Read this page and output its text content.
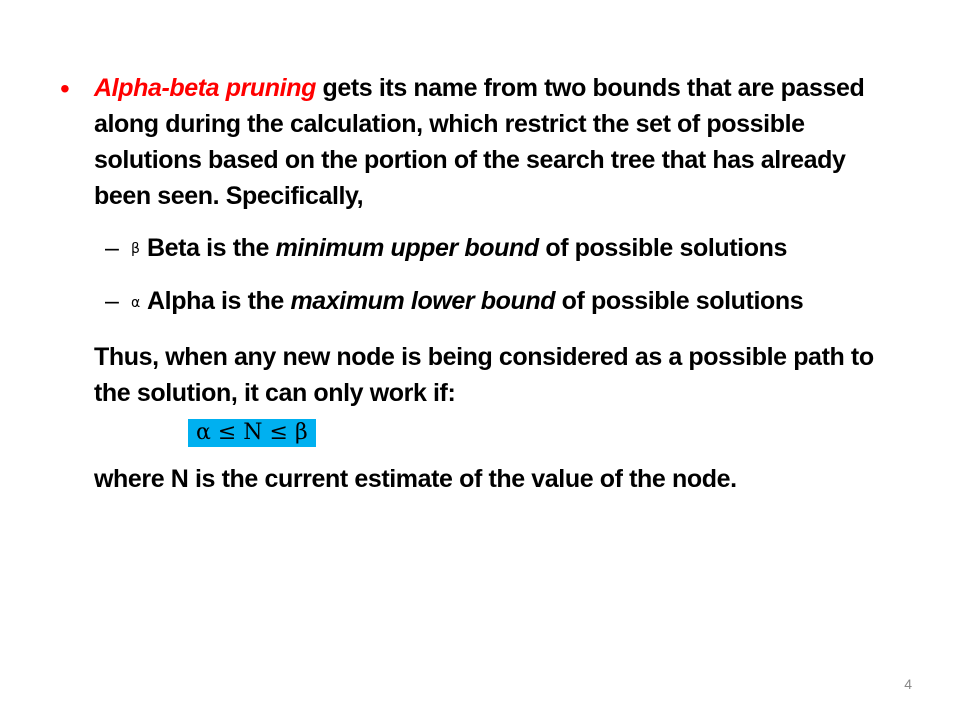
• Alpha-beta pruning gets its name from two bounds that are passed along during the calculation, which restrict the set of possible solutions based on the portion of the search tree that has already been seen. Specifically,
– β Beta is the minimum upper bound of possible solutions
– α Alpha is the maximum lower bound of possible solutions
Thus, when any new node is being considered as a possible path to the solution, it can only work if:
α ≤ N ≤ β
where N is the current estimate of the value of the node.
4
